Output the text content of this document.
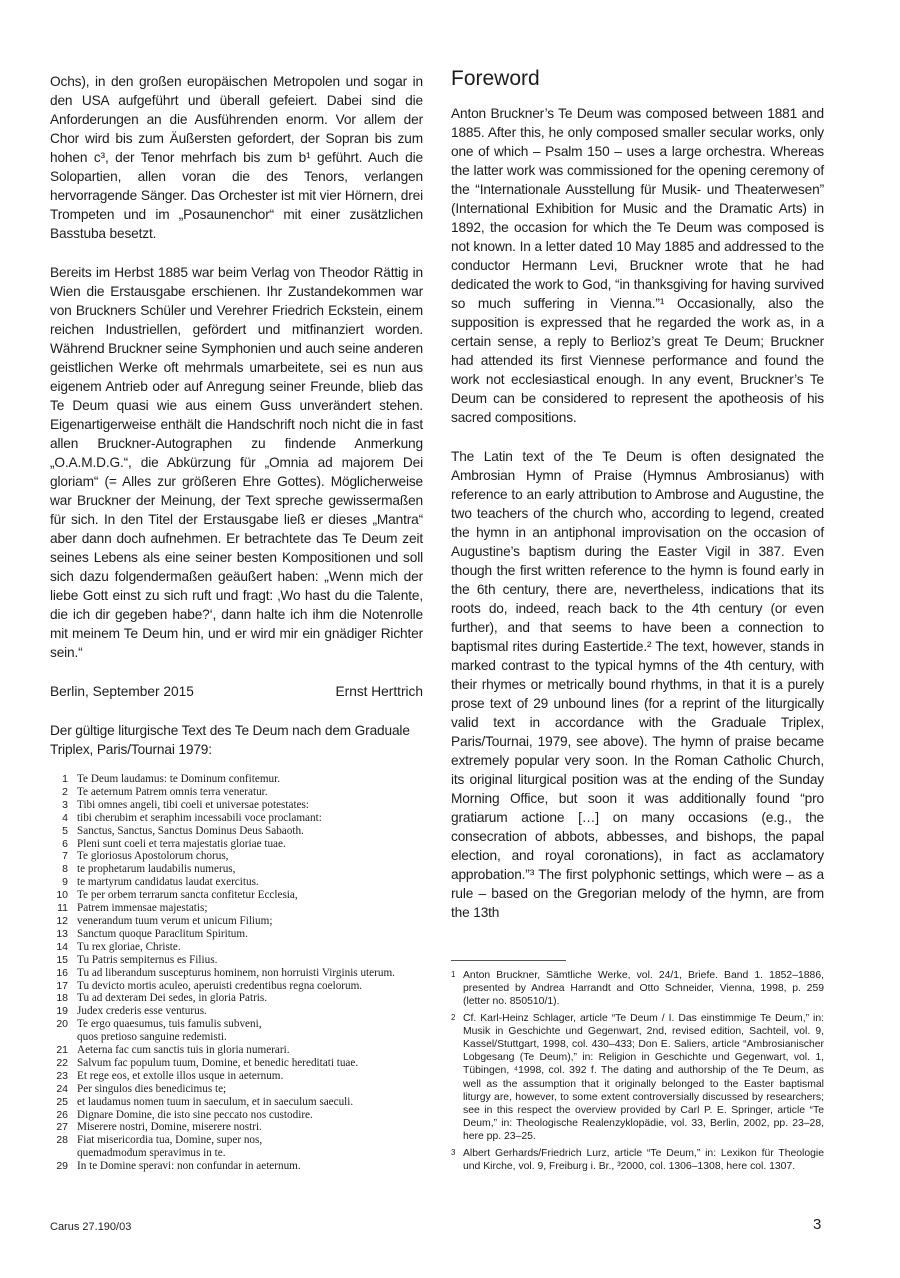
Ochs), in den großen europäischen Metropolen und sogar in den USA aufgeführt und überall gefeiert. Dabei sind die Anforderungen an die Ausführenden enorm. Vor allem der Chor wird bis zum Äußersten gefordert, der Sopran bis zum hohen c³, der Tenor mehrfach bis zum b¹ geführt. Auch die Solopartien, allen voran die des Tenors, verlangen hervorragende Sänger. Das Orchester ist mit vier Hörnern, drei Trompeten und im „Posaunenchor“ mit einer zusätzlichen Basstuba besetzt.

Bereits im Herbst 1885 war beim Verlag von Theodor Rättig in Wien die Erstausgabe erschienen. Ihr Zustandekommen war von Bruckners Schüler und Verehrer Friedrich Eckstein, einem reichen Industriellen, gefördert und mitfinanziert worden. Während Bruckner seine Symphonien und auch seine anderen geistlichen Werke oft mehrmals umarbeitete, sei es nun aus eigenem Antrieb oder auf Anregung seiner Freunde, blieb das Te Deum quasi wie aus einem Guss unverändert stehen. Eigenartigerweise enthält die Handschrift noch nicht die in fast allen Bruckner-Autographen zu findende Anmerkung „O.A.M.D.G.“, die Abkürzung für „Omnia ad majorem Dei gloriam“ (= Alles zur größeren Ehre Gottes). Möglicherweise war Bruckner der Meinung, der Text spreche gewissermaßen für sich. In den Titel der Erstausgabe ließ er dieses „Mantra“ aber dann doch aufnehmen. Er betrachtete das Te Deum zeit seines Lebens als eine seiner besten Kompositionen und soll sich dazu folgendermaßen geäußert haben: „Wenn mich der liebe Gott einst zu sich ruft und fragt: ‚Wo hast du die Talente, die ich dir gegeben habe?‘, dann halte ich ihm die Notenrolle mit meinem Te Deum hin, und er wird mir ein gnädiger Richter sein.“

Berlin, September 2015	Ernst Herttrich

Der gültige liturgische Text des Te Deum nach dem Graduale Triplex, Paris/Tournai 1979:

1 Te Deum laudamus: te Dominum confitemur.
2 Te aeternum Patrem omnis terra veneratur.
3 Tibi omnes angeli, tibi coeli et universae potestates:
4 tibi cherubim et seraphim incessabili voce proclamant:
5 Sanctus, Sanctus, Sanctus Dominus Deus Sabaoth.
6 Pleni sunt coeli et terra majestatis gloriae tuae.
7 Te gloriosus Apostolorum chorus,
8 te prophetarum laudabilis numerus,
9 te martyrum candidatus laudat exercitus.
10 Te per orbem terrarum sancta confitetur Ecclesia,
11 Patrem immensae majestatis;
12 venerandum tuum verum et unicum Filium;
13 Sanctum quoque Paraclitum Spiritum.
14 Tu rex gloriae, Christe.
15 Tu Patris sempiternus es Filius.
16 Tu ad liberandum suscepturus hominem, non horruisti Virginis uterum.
17 Tu devicto mortis aculeo, aperuisti credentibus regna coelorum.
18 Tu ad dexteram Dei sedes, in gloria Patris.
19 Judex crederis esse venturus.
20 Te ergo quaesumus, tuis famulis subveni,
quos pretioso sanguine redemisti.
21 Aeterna fac cum sanctis tuis in gloria numerari.
22 Salvum fac populum tuum, Domine, et benedic hereditati tuae.
23 Et rege eos, et extolle illos usque in aeternum.
24 Per singulos dies benedicimus te;
25 et laudamus nomen tuum in saeculum, et in saeculum saeculi.
26 Dignare Domine, die isto sine peccato nos custodire.
27 Miserere nostri, Domine, miserere nostri.
28 Fiat misericordia tua, Domine, super nos,
quemadmodum speravimus in te.
29 In te Domine speravi: non confundar in aeternum.
Foreword

Anton Bruckner’s Te Deum was composed between 1881 and 1885. After this, he only composed smaller secular works, only one of which – Psalm 150 – uses a large orchestra. Whereas the latter work was commissioned for the opening ceremony of the “Internationale Ausstellung für Musik- und Theaterwesen” (International Exhibition for Music and the Dramatic Arts) in 1892, the occasion for which the Te Deum was composed is not known. In a letter dated 10 May 1885 and addressed to the conductor Hermann Levi, Bruckner wrote that he had dedicated the work to God, “in thanksgiving for having survived so much suffering in Vienna.”¹ Occasionally, also the supposition is expressed that he regarded the work as, in a certain sense, a reply to Berlioz’s great Te Deum; Bruckner had attended its first Viennese performance and found the work not ecclesiastical enough. In any event, Bruckner’s Te Deum can be considered to represent the apotheosis of his sacred compositions.

The Latin text of the Te Deum is often designated the Ambrosian Hymn of Praise (Hymnus Ambrosianus) with reference to an early attribution to Ambrose and Augustine, the two teachers of the church who, according to legend, created the hymn in an antiphonal improvisation on the occasion of Augustine’s baptism during the Easter Vigil in 387. Even though the first written reference to the hymn is found early in the 6th century, there are, nevertheless, indications that its roots do, indeed, reach back to the 4th century (or even further), and that seems to have been a connection to baptismal rites during Eastertide.² The text, however, stands in marked contrast to the typical hymns of the 4th century, with their rhymes or metrically bound rhythms, in that it is a purely prose text of 29 unbound lines (for a reprint of the liturgically valid text in accordance with the Graduale Triplex, Paris/Tournai, 1979, see above). The hymn of praise became extremely popular very soon. In the Roman Catholic Church, its original liturgical position was at the ending of the Sunday Morning Office, but soon it was additionally found “pro gratiarum actione […] on many occasions (e.g., the consecration of abbots, abbesses, and bishops, the papal election, and royal coronations), in fact as acclamatory approbation.”³ The first polyphonic settings, which were – as a rule – based on the Gregorian melody of the hymn, are from the 13th

1 Anton Bruckner, Sämtliche Werke, vol. 24/1, Briefe. Band 1. 1852–1886, presented by Andrea Harrandt and Otto Schneider, Vienna, 1998, p. 259 (letter no. 850510/1).
2 Cf. Karl-Heinz Schlager, article “Te Deum / I. Das einstimmige Te Deum,” in: Musik in Geschichte und Gegenwart, 2nd, revised edition, Sachteil, vol. 9, Kassel/Stuttgart, 1998, col. 430–433; Don E. Saliers, article “Ambrosianischer Lobgesang (Te Deum),” in: Religion in Geschichte und Gegenwart, vol. 1, Tübingen, ⁴1998, col. 392 f. The dating and authorship of the Te Deum, as well as the assumption that it originally belonged to the Easter baptismal liturgy are, however, to some extent controversially discussed by researchers; see in this respect the overview provided by Carl P. E. Springer, article “Te Deum,” in: Theologische Realenzyklopädie, vol. 33, Berlin, 2002, pp. 23–28, here pp. 23–25.
3 Albert Gerhards/Friedrich Lurz, article “Te Deum,” in: Lexikon für Theologie und Kirche, vol. 9, Freiburg i. Br., ³2000, col. 1306–1308, here col. 1307.
Carus 27.190/03	3
